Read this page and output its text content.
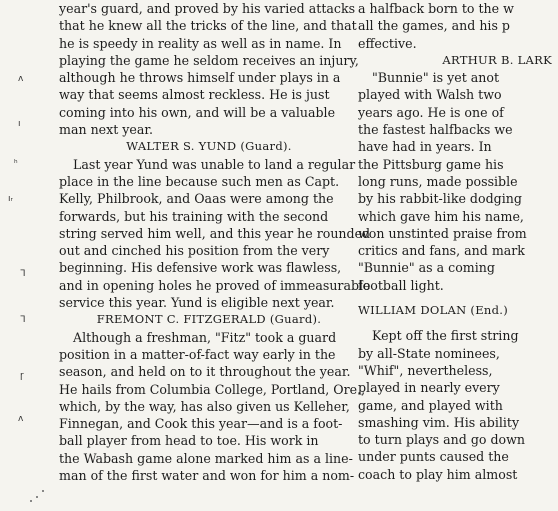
ʌ
ı
ʰ
ıᵣ
ᒣ
ᒣ
ɼ
ʌ
year's guard, and proved by his varied attacks
that he knew all the tricks of the line, and that
he is speedy in reality as well as in name. In
playing the game he seldom receives an injury,
although he throws himself under plays in a
way that seems almost reckless. He is just
coming into his own, and will be a valuable
man next year.
WALTER S. YUND (Guard).
Last year Yund was unable to land a regular
place in the line because such men as Capt.
Kelly, Philbrook, and Oaas were among the
forwards, but his training with the second
string served him well, and this year he rounded
out and cinched his position from the very
beginning. His defensive work was flawless,
and in opening holes he proved of immeasurable
service this year. Yund is eligible next year.
FREMONT C. FITZGERALD (Guard).
Although a freshman, "Fitz" took a guard
position in a matter-of-fact way early in the
season, and held on to it throughout the year.
He hails from Columbia College, Portland, Ore.,
which, by the way, has also given us Kelleher,
Finnegan, and Cook this year—and is a foot-
ball player from head to toe. His work in
the Wabash game alone marked him as a line-
man of the first water and won for him a nom-
a halfback born to the w
all the games, and his p
effective.
ARTHUR B. LARK
"Bunnie" is yet anot
played with Walsh two
years ago. He is one of
the fastest halfbacks we
have had in years. In
the Pittsburg game his
long runs, made possible
by his rabbit-like dodging
which gave him his name,
won unstinted praise from
critics and fans, and mark
"Bunnie" as a coming
football light.
WILLIAM DOLAN (End.)
Kept off the first string
by all-State nominees,
"Whif", nevertheless,
played in nearly every
game, and played with
smashing vim. His ability
to turn plays and go down
under punts caused the
coach to play him almost
